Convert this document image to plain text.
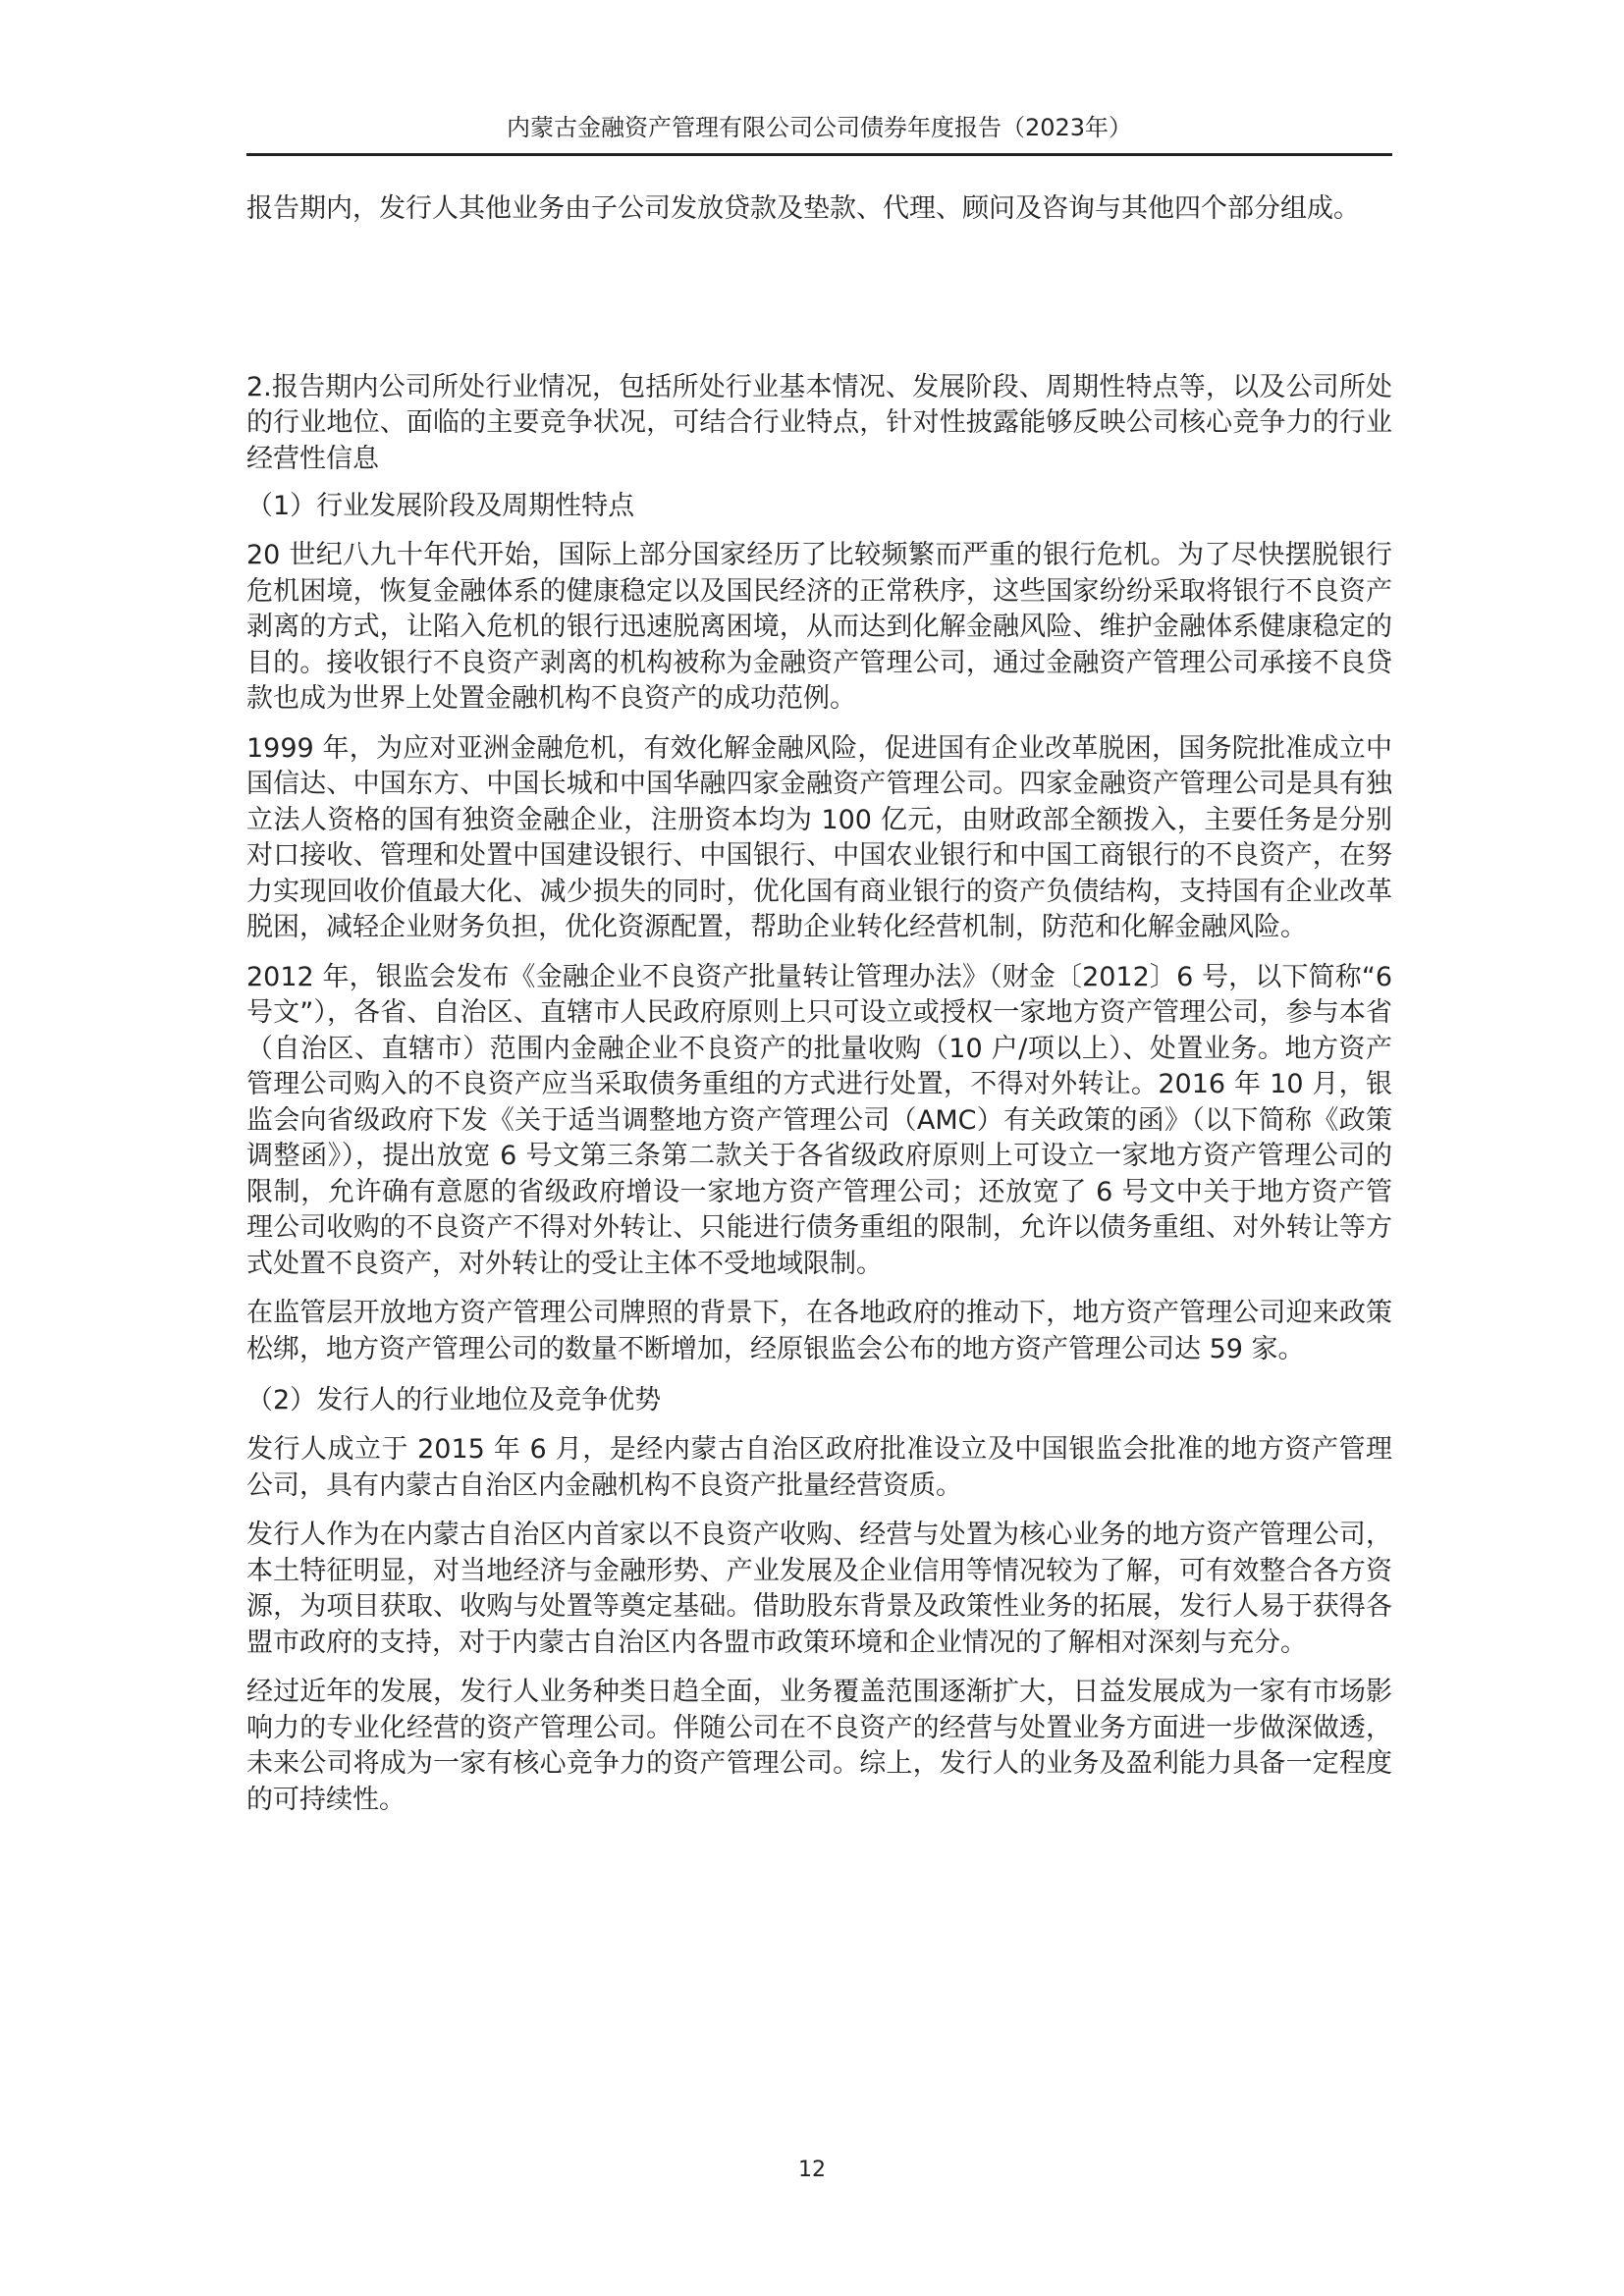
内蒙古金融资产管理有限公司公司债券年度报告（2023年）

报告期内，发行人其他业务由子公司发放贷款及垫款、代理、顾问及咨询与其他四个部分组成。

2.报告期内公司所处行业情况，包括所处行业基本情况、发展阶段、周期性特点等，以及公司所处的行业地位、面临的主要竞争状况，可结合行业特点，针对性披露能够反映公司核心竞争力的行业经营性信息

（1）行业发展阶段及周期性特点

20 世纪八九十年代开始，国际上部分国家经历了比较频繁而严重的银行危机。为了尽快摆脱银行危机困境，恢复金融体系的健康稳定以及国民经济的正常秩序，这些国家纷纷采取将银行不良资产剥离的方式，让陷入危机的银行迅速脱离困境，从而达到化解金融风险、维护金融体系健康稳定的目的。接收银行不良资产剥离的机构被称为金融资产管理公司，通过金融资产管理公司承接不良贷款也成为世界上处置金融机构不良资产的成功范例。

1999 年，为应对亚洲金融危机，有效化解金融风险，促进国有企业改革脱困，国务院批准成立中国信达、中国东方、中国长城和中国华融四家金融资产管理公司。四家金融资产管理公司是具有独立法人资格的国有独资金融企业，注册资本均为 100 亿元，由财政部全额拨入，主要任务是分别对口接收、管理和处置中国建设银行、中国银行、中国农业银行和中国工商银行的不良资产，在努力实现回收价值最大化、减少损失的同时，优化国有商业银行的资产负债结构，支持国有企业改革脱困，减轻企业财务负担，优化资源配置，帮助企业转化经营机制，防范和化解金融风险。

2012 年，银监会发布《金融企业不良资产批量转让管理办法》（财金〔2012〕6 号，以下简称“6 号文”），各省、自治区、直辖市人民政府原则上只可设立或授权一家地方资产管理公司，参与本省（自治区、直辖市）范围内金融企业不良资产的批量收购（10 户/项以上）、处置业务。地方资产管理公司购入的不良资产应当采取债务重组的方式进行处置，不得对外转让。2016 年 10 月，银监会向省级政府下发《关于适当调整地方资产管理公司（AMC）有关政策的函》（以下简称《政策调整函》），提出放宽 6 号文第三条第二款关于各省级政府原则上可设立一家地方资产管理公司的限制，允许确有意愿的省级政府增设一家地方资产管理公司；还放宽了 6 号文中关于地方资产管理公司收购的不良资产不得对外转让、只能进行债务重组的限制，允许以债务重组、对外转让等方式处置不良资产，对外转让的受让主体不受地域限制。

在监管层开放地方资产管理公司牌照的背景下，在各地政府的推动下，地方资产管理公司迎来政策松绑，地方资产管理公司的数量不断增加，经原银监会公布的地方资产管理公司达 59 家。

（2）发行人的行业地位及竞争优势

发行人成立于 2015 年 6 月，是经内蒙古自治区政府批准设立及中国银监会批准的地方资产管理公司，具有内蒙古自治区内金融机构不良资产批量经营资质。

发行人作为在内蒙古自治区内首家以不良资产收购、经营与处置为核心业务的地方资产管理公司，本土特征明显，对当地经济与金融形势、产业发展及企业信用等情况较为了解，可有效整合各方资源，为项目获取、收购与处置等奠定基础。借助股东背景及政策性业务的拓展，发行人易于获得各盟市政府的支持，对于内蒙古自治区内各盟市政策环境和企业情况的了解相对深刻与充分。

经过近年的发展，发行人业务种类日趋全面，业务覆盖范围逐渐扩大，日益发展成为一家有市场影响力的专业化经营的资产管理公司。伴随公司在不良资产的经营与处置业务方面进一步做深做透，未来公司将成为一家有核心竞争力的资产管理公司。综上，发行人的业务及盈利能力具备一定程度的可持续性。

12
